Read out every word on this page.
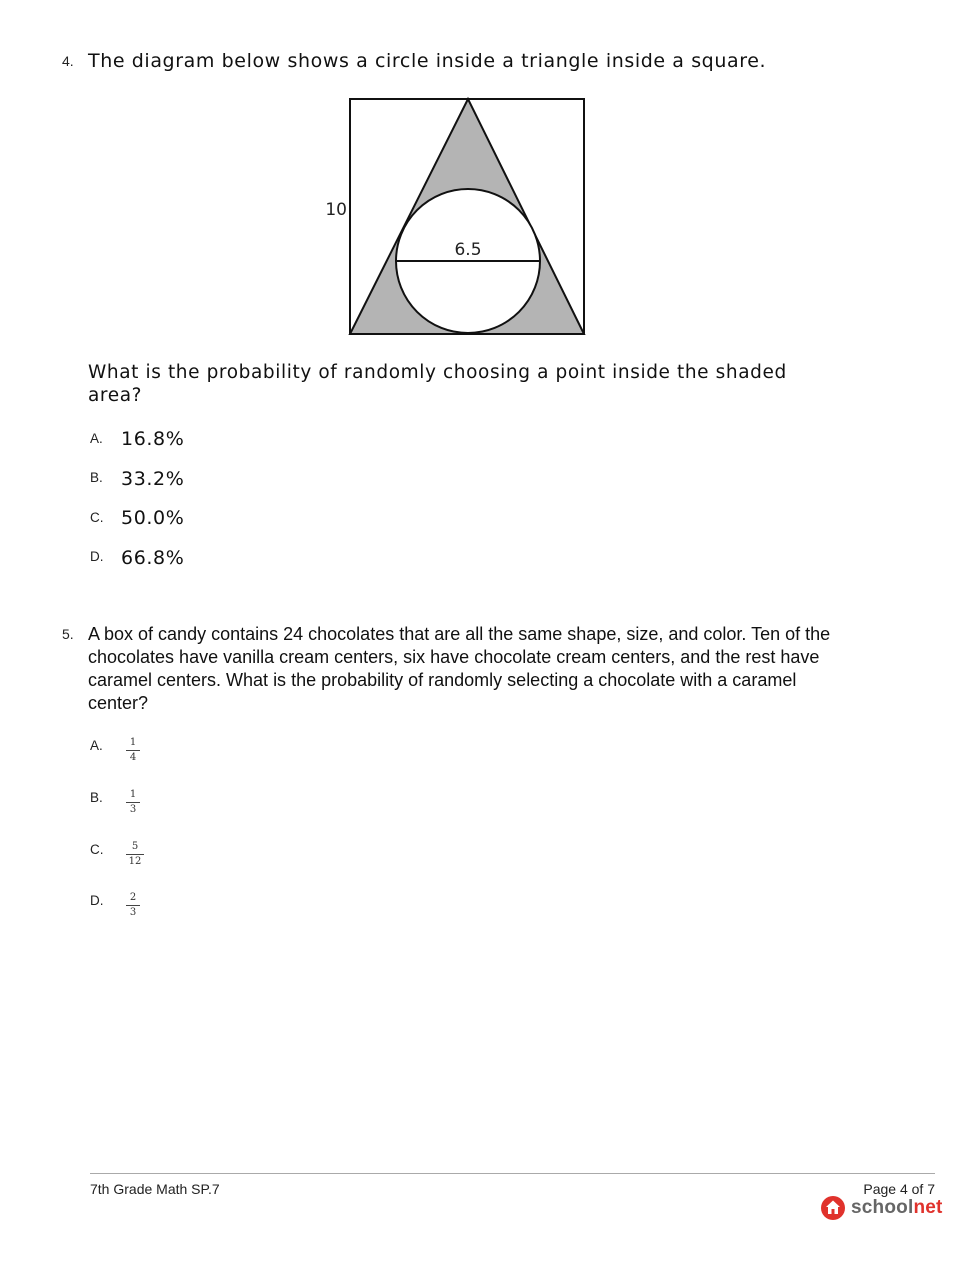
4. The diagram below shows a circle inside a triangle inside a square.
10
6.5
What is the probability of randomly choosing a point inside the shaded area?
A. 16.8%
B. 33.2%
C. 50.0%
D. 66.8%
5. A box of candy contains 24 chocolates that are all the same shape, size, and color. Ten of the chocolates have vanilla cream centers, six have chocolate cream centers, and the rest have caramel centers. What is the probability of randomly selecting a chocolate with a caramel center?
A.	1
4
B.	1
3
C.	5
12
D.	2
3
7th Grade Math SP.7	Page 4 of 7
school net
